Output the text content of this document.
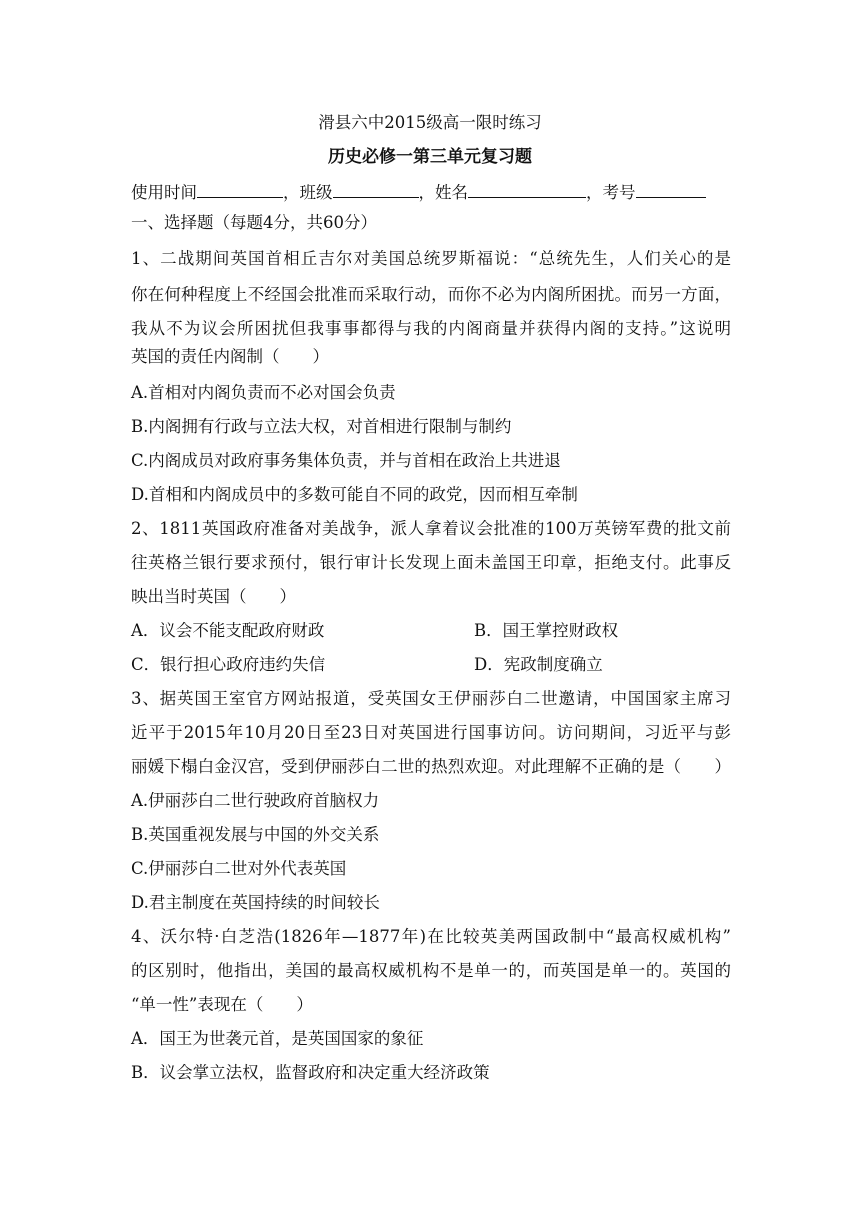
滑县六中2015级高一限时练习
历史必修一第三单元复习题
使用时间	，班级	，姓名	，考号
一、选择题（每题4分，共60分）
1、二战期间英国首相丘吉尔对美国总统罗斯福说：“总统先生，人们关心的是
你在何种程度上不经国会批准而采取行动，而你不必为内阁所困扰。而另一方面，
我从不为议会所困扰但我事事都得与我的内阁商量并获得内阁的支持。”这说明
英国的责任内阁制（　　）
A.首相对内阁负责而不必对国会负责
B.内阁拥有行政与立法大权，对首相进行限制与制约
C.内阁成员对政府事务集体负责，并与首相在政治上共进退
D.首相和内阁成员中的多数可能自不同的政党，因而相互牵制
2、1811英国政府准备对美战争，派人拿着议会批准的100万英镑军费的批文前
往英格兰银行要求预付，银行审计长发现上面未盖国王印章，拒绝支付。此事反
映出当时英国（　　）
A．议会不能支配政府财政	B．国王掌控财政权
C．银行担心政府违约失信	D．宪政制度确立
3、据英国王室官方网站报道，受英国女王伊丽莎白二世邀请，中国国家主席习
近平于2015年10月20日至23日对英国进行国事访问。访问期间，习近平与彭
丽媛下榻白金汉宫，受到伊丽莎白二世的热烈欢迎。对此理解不正确的是（　　）
A.伊丽莎白二世行驶政府首脑权力
B.英国重视发展与中国的外交关系
C.伊丽莎白二世对外代表英国
D.君主制度在英国持续的时间较长
4、沃尔特·白芝浩(1826年—1877年)在比较英美两国政制中“最高权威机构”
的区别时，他指出，美国的最高权威机构不是单一的，而英国是单一的。英国的
“单一性”表现在（　　）
A．国王为世袭元首，是英国国家的象征
B．议会掌立法权，监督政府和决定重大经济政策
